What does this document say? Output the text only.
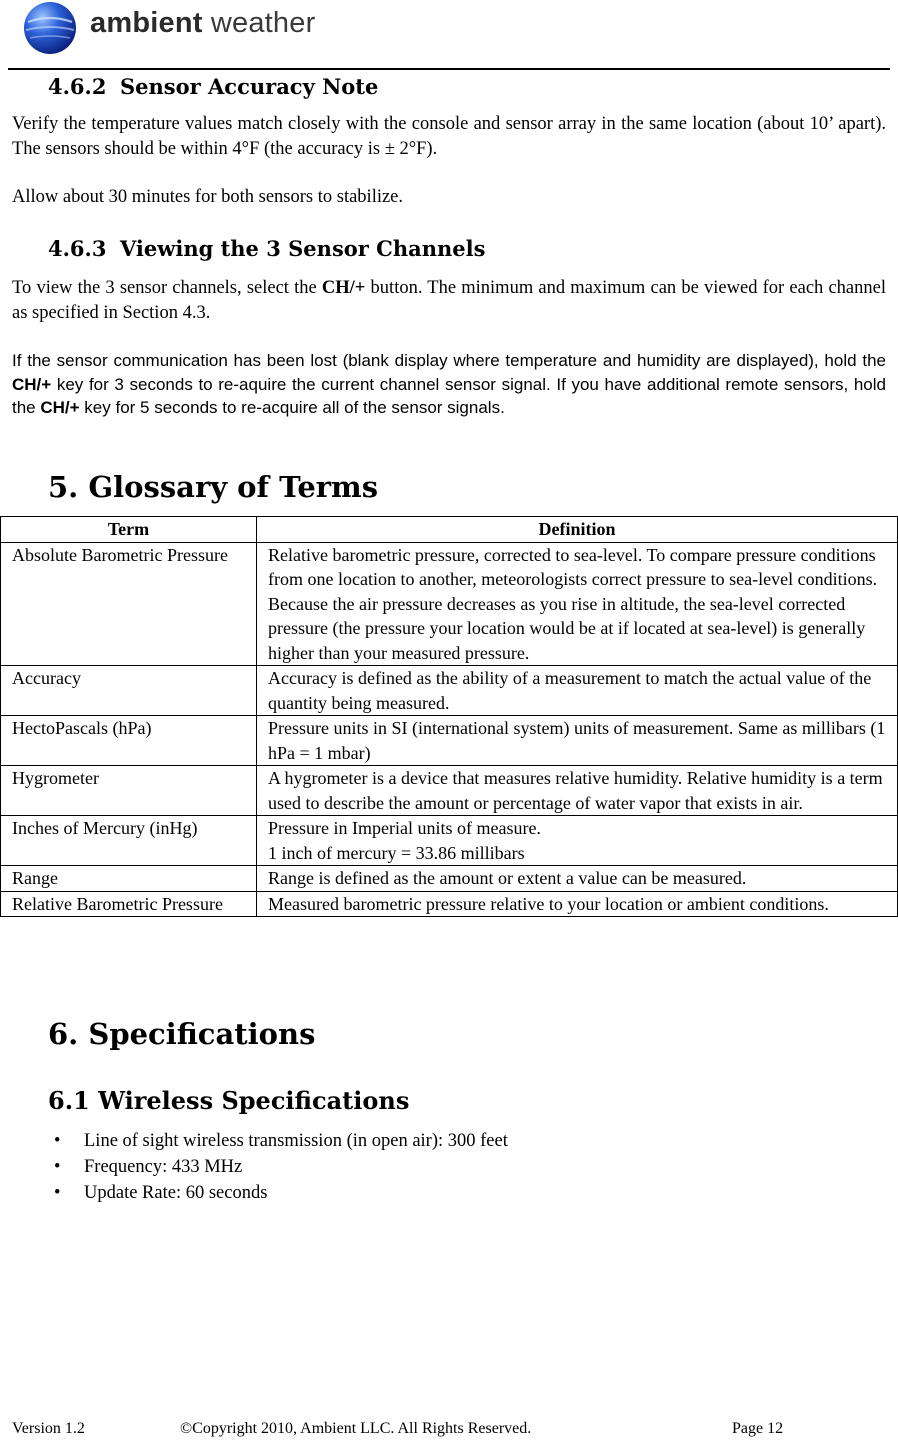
ambient weather
4.6.2 Sensor Accuracy Note
Verify the temperature values match closely with the console and sensor array in the same location (about 10’ apart). The sensors should be within 4°F (the accuracy is ± 2°F).
Allow about 30 minutes for both sensors to stabilize.
4.6.3 Viewing the 3 Sensor Channels
To view the 3 sensor channels, select the CH/+ button. The minimum and maximum can be viewed for each channel as specified in Section 4.3.
If the sensor communication has been lost (blank display where temperature and humidity are displayed), hold the CH/+ key for 3 seconds to re-aquire the current channel sensor signal. If you have additional remote sensors, hold the CH/+ key for 5 seconds to re-acquire all of the sensor signals.
5. Glossary of Terms
Term	Definition
Absolute Barometric Pressure	Relative barometric pressure, corrected to sea-level. To compare pressure conditions from one location to another, meteorologists correct pressure to sea-level conditions. Because the air pressure decreases as you rise in altitude, the sea-level corrected pressure (the pressure your location would be at if located at sea-level) is generally higher than your measured pressure.
Accuracy	Accuracy is defined as the ability of a measurement to match the actual value of the quantity being measured.
HectoPascals (hPa)	Pressure units in SI (international system) units of measurement. Same as millibars (1 hPa = 1 mbar)
Hygrometer	A hygrometer is a device that measures relative humidity. Relative humidity is a term used to describe the amount or percentage of water vapor that exists in air.
Inches of Mercury (inHg)	Pressure in Imperial units of measure.
1 inch of mercury = 33.86 millibars

Range	Range is defined as the amount or extent a value can be measured.
Relative Barometric Pressure	Measured barometric pressure relative to your location or ambient conditions.
6. Specifications
6.1 Wireless Specifications
• Line of sight wireless transmission (in open air): 300 feet
• Frequency: 433 MHz
• Update Rate: 60 seconds
Version 1.2	©Copyright 2010, Ambient LLC. All Rights Reserved.	Page 12
